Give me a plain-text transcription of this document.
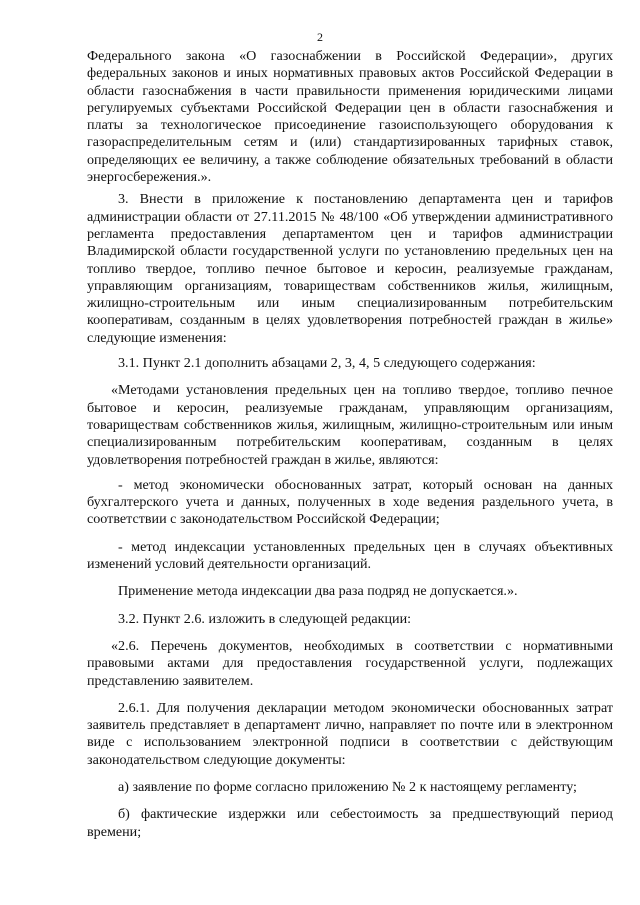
2

Федерального закона «О газоснабжении в Российской Федерации», других федеральных законов и иных нормативных правовых актов Российской Федерации в области газоснабжения в части правильности применения юридическими лицами регулируемых субъектами Российской Федерации цен в области газоснабжения и платы за технологическое присоединение газоиспользующего оборудования к газораспределительным сетям и (или) стандартизированных тарифных ставок, определяющих ее величину, а также соблюдение обязательных требований в области энергосбережения.».

3. Внести в приложение к постановлению департамента цен и тарифов администрации области от 27.11.2015 № 48/100 «Об утверждении административного регламента предоставления департаментом цен и тарифов администрации Владимирской области государственной услуги по установлению предельных цен на топливо твердое, топливо печное бытовое и керосин, реализуемые гражданам, управляющим организациям, товариществам собственников жилья, жилищным, жилищно-строительным или иным специализированным потребительским кооперативам, созданным в целях удовлетворения потребностей граждан в жилье» следующие изменения:

3.1. Пункт 2.1 дополнить абзацами 2, 3, 4, 5 следующего содержания:

«Методами установления предельных цен на топливо твердое, топливо печное бытовое и керосин, реализуемые гражданам, управляющим организациям, товариществам собственников жилья, жилищным, жилищно-строительным или иным специализированным потребительским кооперативам, созданным в целях удовлетворения потребностей граждан в жилье, являются:

- метод экономически обоснованных затрат, который основан на данных бухгалтерского учета и данных, полученных в ходе ведения раздельного учета, в соответствии с законодательством Российской Федерации;

- метод индексации установленных предельных цен в случаях объективных изменений условий деятельности организаций.

Применение метода индексации два раза подряд не допускается.».

3.2. Пункт 2.6. изложить в следующей редакции:

«2.6. Перечень документов, необходимых в соответствии с нормативными правовыми актами для предоставления государственной услуги, подлежащих представлению заявителем.

2.6.1. Для получения декларации методом экономически обоснованных затрат заявитель представляет в департамент лично, направляет по почте или в электронном виде с использованием электронной подписи в соответствии с действующим законодательством следующие документы:

а) заявление по форме согласно приложению № 2 к настоящему регламенту;

б) фактические издержки или себестоимость за предшествующий период времени;
